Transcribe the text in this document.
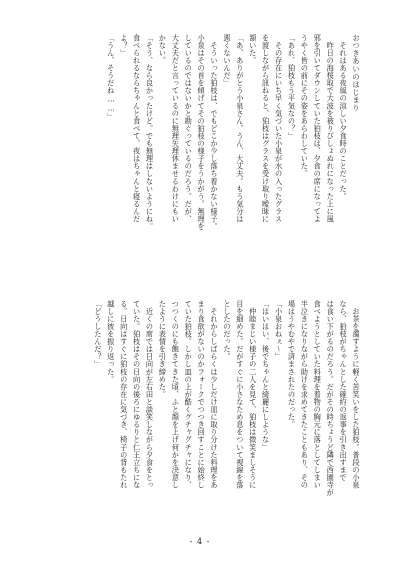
おつきあいのはじまり
　それはある夜風の涼しい夕食時のことだった。
　昨日の海桜取で大波を被りびしょぬれになった上に風
邪を引いてダウンしていた狛枝は、夕食の席になってよ
うやく皆の前にその姿をあらわしていた。
「あれ、狛枝もう平気なの？」
　その存在にいち早く気づいた小泉が水の入ったグラス
を渡しながら訊ねると、狛枝はグラスを受け取り曖昧に
頷いた。
「あ、ありがとう小泉さん。うん、大丈夫。もう気分は
悪くないんだ」
　そういった狛枝は、でもどこか少し落ち着かない様子。
小泉はその首を傾げてその狛枝の様子をうかがう。無理を
しているのではないかと勘ぐっているのだろう。だが、
大丈夫だと言っているのに無理矢理休ませるわけにもい
かない。
「そう、なら良かったけど。でも無理はしないようにね。
食べられるならちゃんと食べて、夜はちゃんと寝るんだ
よ？」
「うん、そうだね……」
　お茶を濁すように軽く苦笑いをした狛枝。普段の小泉
なら、狛枝がちゃんとした確約の返事を引き出すまで
は食い下がるのだろう。だがその時ちょうど隣で西園寺が
食べようとしていた料理を着物の胸元に落としてしまい
半泣きになりながら助けを求めてきたこともあり、その
場はうやむやで済まされたのだった。
「小泉おねぇ～」
「はいはい、後でちゃんと綺麗にしような」
　仲睦まじい様子の二人を見て、狛枝は微笑ましそうに
目を細めた。だがすぐに小さなため息をついて視線を落
としたのだった。
　それからしばらくは少しだけ皿に取り分けた料理をあ
まり食欲がないのかフォークでつつき回すことに始終し
ていた狛枝。しかし皿の上が酷くグチャグチャになり、
つつくのにも飽きてきた頃、ふと顔を上げ何かを決意し
たように表情を引き締めた。
　近くの席では日向が左右田と談笑しながら夕食をとっ
ていた。狛枝はその日向の後ろにゆるりと仁王立ちにな
る。日向はすぐに狛枝の存在に気づき、椅子の背もたれ
越しに彼を振り返った。
「どうしたんだ？」
- 4 -
